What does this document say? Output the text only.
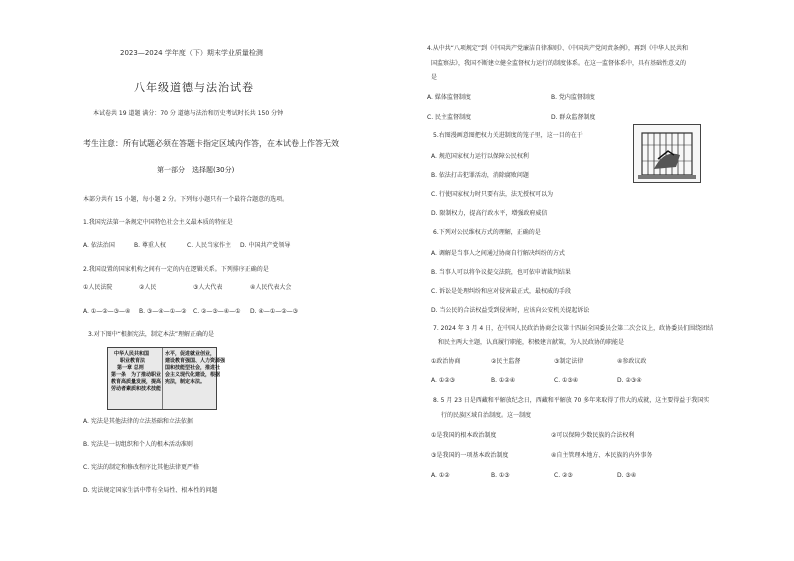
2023—2024 学年度（下）期末学业质量检测
八年级道德与法治试卷
本试卷共 19 道题 满分：70 分 道德与法治和历史考试时长共 150 分钟
考生注意：所有试题必须在答题卡指定区域内作答，在本试卷上作答无效
第一部分　选择题(30分)
本部分共有 15 小题，每小题 2 分。下列每小题只有一个最符合题意的选项。
1.我国宪法第一条规定中国特色社会主义最本质的特征是
A. 依法治国	B. 尊重人权	C. 人民当家作主 D. 中国共产党领导
2.我国设置的国家机构之间有一定的内在逻辑关系。下列排序正确的是
①人民法院	②人民	③人大代表	④人民代表大会
A. ①—②—③—④ B. ③—④—①—② C. ②—③—④—① D. ④—①—②—③
3.对下图中“根据宪法，制定本法”理解正确的是
中华人民共和国
职业教育法
第一章 总则
第一条　为了推动职业
教育高质量发展，提高
劳动者素质和技术技能
水平，促进就业创业，
建设教育强国、人力资源强
国和技能型社会，推进社
会主义现代化建设，根据
宪法，制定本法。
A. 宪法是其他法律的立法基础和立法依据
B. 宪法是一切组织和个人的根本活动准则
C. 宪法的制定和修改程序比其他法律更严格
D. 宪法规定国家生活中带有全局性、根本性的问题
4.从中共“八项规定”到《中国共产党廉洁自律准则》、《中国共产党问责条例》，再到《中华人民共和
国监察法》，我国不断建立健全监督权力运行的制度体系。在这一监督体系中，具有基础性意义的
是
A. 媒体监督制度	B. 党内监督制度
C. 民主监督制度	D. 群众监督制度
5.右图漫画意图把权力关进制度的笼子里，这一目的在于
A. 规范国家权力运行以保障公民权利
B. 依法打击犯罪活动，消除腐败问题
C. 行使国家权力时只要有法，法无授权可以为
D. 限制权力，提高行政水平，增强政府威信
6.下列对公民维权方式的理解，正确的是
A. 调解是当事人之间通过协商自行解决纠纷的方式
B. 当事人可以将争议提交法院，也可依申请裁判结果
C. 诉讼是处理纠纷和应对侵害最正式，最权威的手段
D. 当公民的合法权益受到侵害时，应该向公安机关提起诉讼
7. 2024 年 3 月 4 日，在中国人民政治协商会议第十四届全国委员会第二次会议上，政协委员们围绕团结
和民主两大主题，认真履行职能，积极建言献策，为人民政协的职能是
①政治协商	②民主监督	③制定法律	④参政议政
A. ①②③	B. ①②④	C. ①③④	D. ②③④
8. 5 月 23 日是西藏和平解放纪念日，西藏和平解放 70 多年来取得了伟大的成就，这主要得益于我国实
行的民族区域自治制度。这一制度
①是我国的根本政治制度	②可以保障少数民族的合法权利
③是我国的一项基本政治制度	④自主管理本地方、本民族的内外事务
A. ①②	B. ①③	C. ②③	D. ③④
